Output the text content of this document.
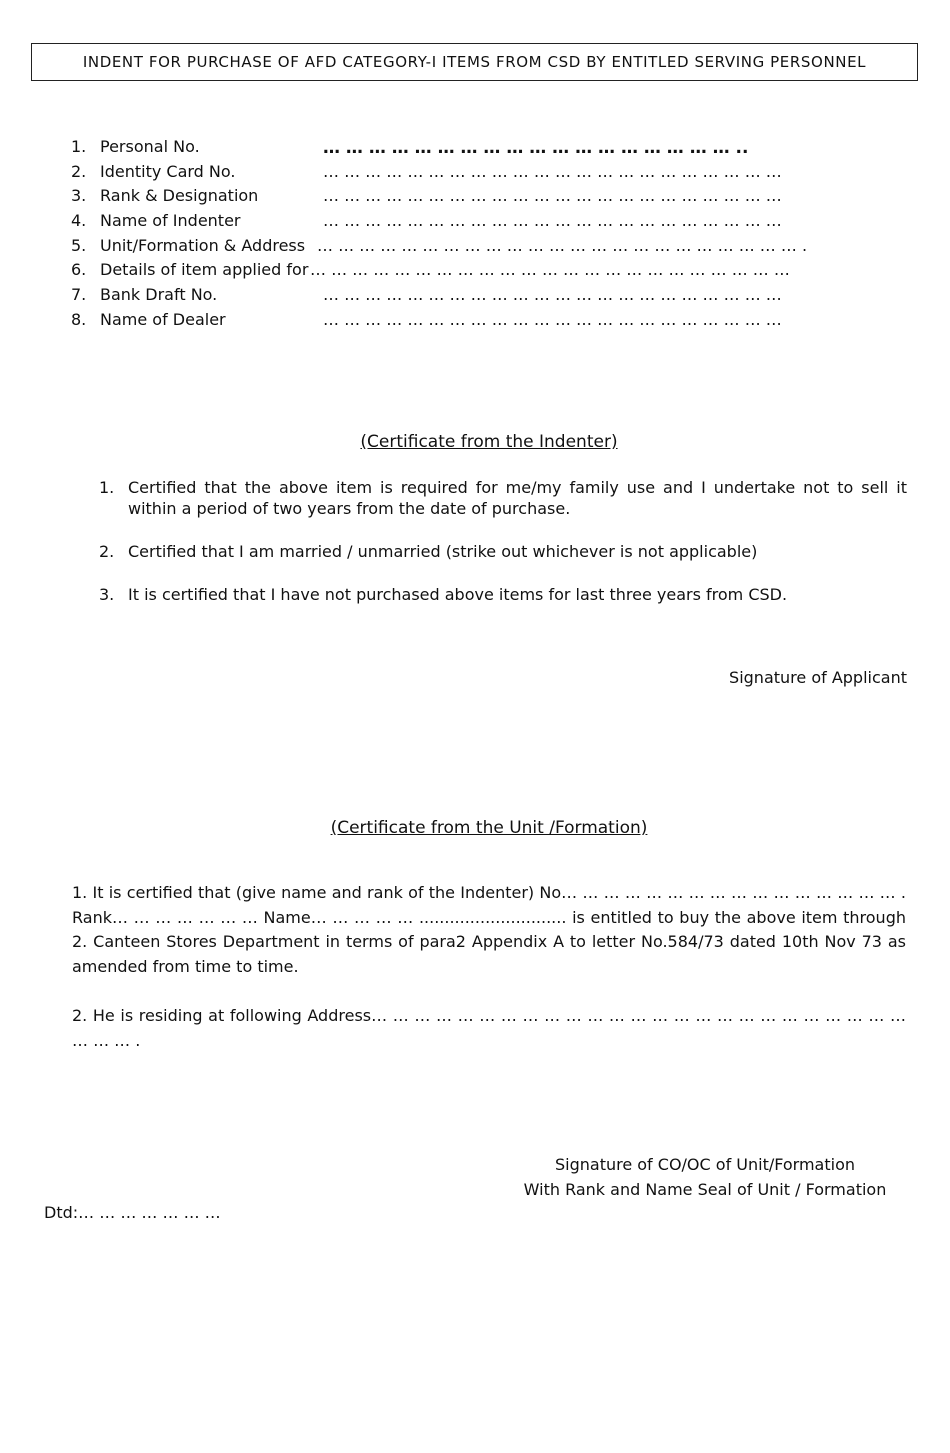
INDENT FOR PURCHASE OF AFD CATEGORY-I ITEMS FROM CSD BY ENTITLED SERVING PERSONNEL
1. Personal No.	… … … … … … … … … … … … … … … … … … ..
2. Identity Card No.	… … … … … … … … … … … … … … … … … … … … … …
3. Rank & Designation	… … … … … … … … … … … … … … … … … … … … … …
4. Name of Indenter	… … … … … … … … … … … … … … … … … … … … … …
5. Unit/Formation & Address … … … … … … … … … … … … … … … … … … … … … … … .
6. Details of item applied for … … … … … … … … … … … … … … … … … … … … … … …
7. Bank Draft No.	… … … … … … … … … … … … … … … … … … … … … …
8. Name of Dealer	… … … … … … … … … … … … … … … … … … … … … …
(Certificate from the Indenter)
1. Certified that the above item is required for me/my family use and I undertake not to sell it within a period of two years from the date of purchase.
2. Certified that I am married / unmarried (strike out whichever is not applicable)
3. It is certified that I have not purchased above items for last three years from CSD.
Signature of Applicant
(Certificate from the Unit /Formation)

1. It is certified that (give name and rank of the Indenter) No… … … … … … … … … … … … … … … … . Rank… … … … … … … Name… … … … … ............................. is entitled to buy the above item through 2. Canteen Stores Department in terms of para2 Appendix A to letter No.584/73 dated 10th Nov 73 as amended from time to time.

2. He is residing at following Address… … … … … … … … … … … … … … … … … … … … … … … … … … … … .

Signature of CO/OC of Unit/Formation
With Rank and Name Seal of Unit / Formation
Dtd:… … … … … … …
